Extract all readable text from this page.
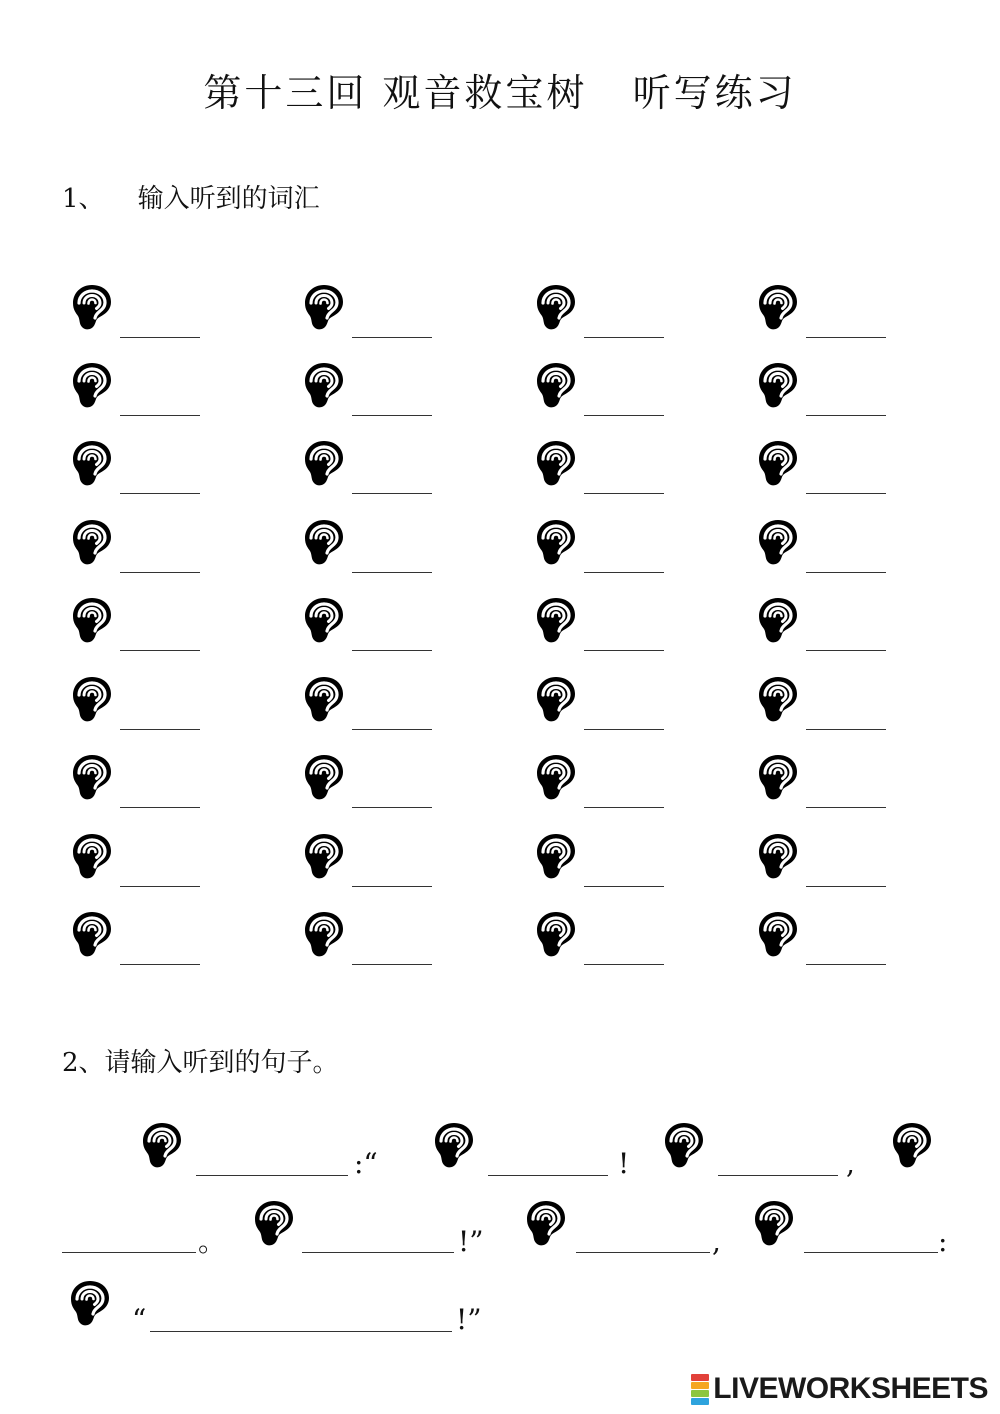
第十三回 观音救宝树   听写练习
1、    输入听到的词汇
2、请输入听到的句子。
:“	!	,
。	!”	,	:
“	!”
LIVEWORKSHEETS
